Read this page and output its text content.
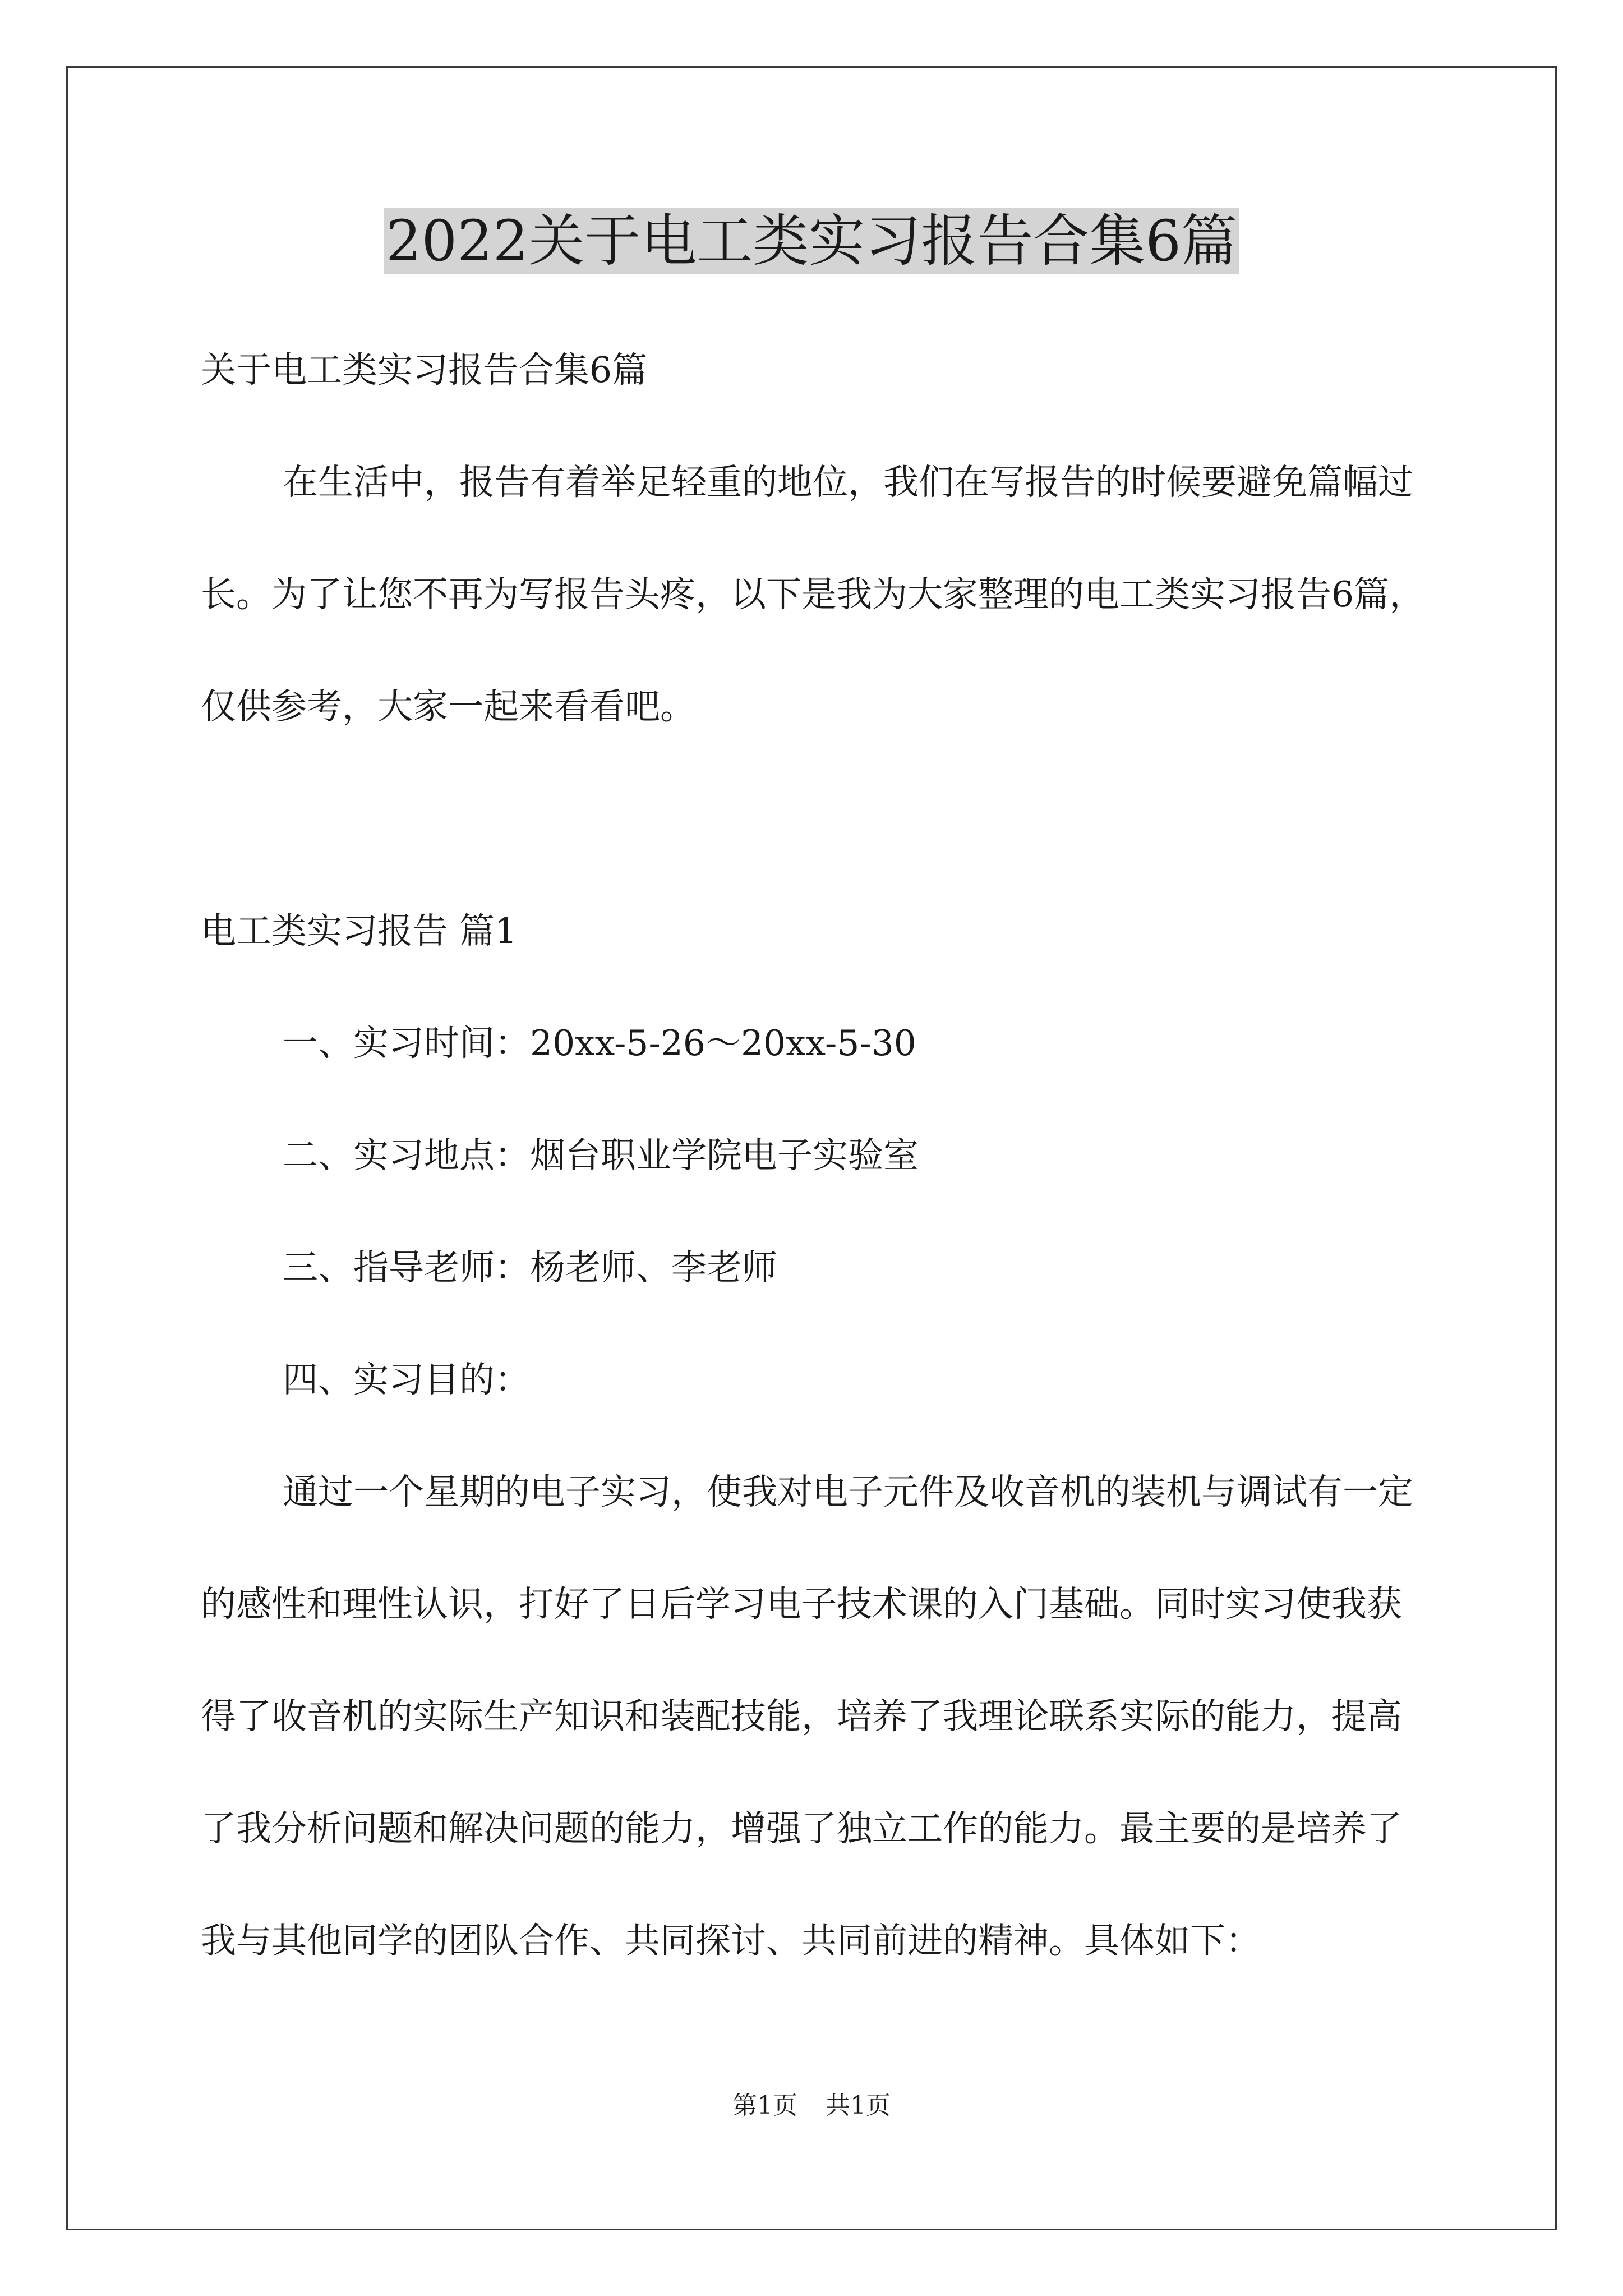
2022关于电工类实习报告合集6篇

关于电工类实习报告合集6篇

在生活中，报告有着举足轻重的地位，我们在写报告的时候要避免篇幅过长。为了让您不再为写报告头疼，以下是我为大家整理的电工类实习报告6篇，仅供参考，大家一起来看看吧。

电工类实习报告 篇1

一、实习时间：20xx-5-26～20xx-5-30

二、实习地点：烟台职业学院电子实验室

三、指导老师：杨老师、李老师

四、实习目的：

通过一个星期的电子实习，使我对电子元件及收音机的装机与调试有一定的感性和理性认识，打好了日后学习电子技术课的入门基础。同时实习使我获得了收音机的实际生产知识和装配技能，培养了我理论联系实际的能力，提高了我分析问题和解决问题的能力，增强了独立工作的能力。最主要的是培养了我与其他同学的团队合作、共同探讨、共同前进的精神。具体如下：

第1页 共1页
